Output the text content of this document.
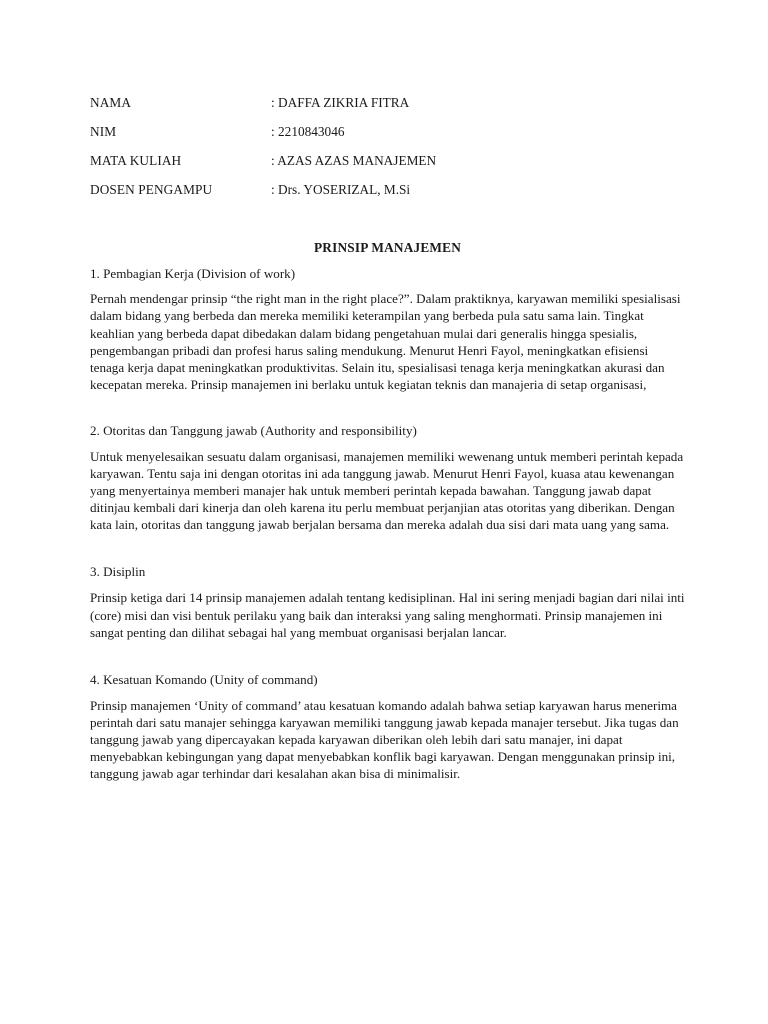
NAMA	: DAFFA ZIKRIA FITRA
NIM	: 2210843046
MATA KULIAH	: AZAS AZAS MANAJEMEN
DOSEN PENGAMPU	: Drs. YOSERIZAL, M.Si
PRINSIP MANAJEMEN

1. Pembagian Kerja (Division of work)

Pernah mendengar prinsip “the right man in the right place?”. Dalam praktiknya, karyawan memiliki spesialisasi dalam bidang yang berbeda dan mereka memiliki keterampilan yang berbeda pula satu sama lain. Tingkat keahlian yang berbeda dapat dibedakan dalam bidang pengetahuan mulai dari generalis hingga spesialis, pengembangan pribadi dan profesi harus saling mendukung. Menurut Henri Fayol, meningkatkan efisiensi tenaga kerja dapat meningkatkan produktivitas. Selain itu, spesialisasi tenaga kerja meningkatkan akurasi dan kecepatan mereka. Prinsip manajemen ini berlaku untuk kegiatan teknis dan manajeria di setap organisasi,

2. Otoritas dan Tanggung jawab (Authority and responsibility)

Untuk menyelesaikan sesuatu dalam organisasi, manajemen memiliki wewenang untuk memberi perintah kepada karyawan. Tentu saja ini dengan otoritas ini ada tanggung jawab. Menurut Henri Fayol, kuasa atau kewenangan yang menyertainya memberi manajer hak untuk memberi perintah kepada bawahan. Tanggung jawab dapat ditinjau kembali dari kinerja dan oleh karena itu perlu membuat perjanjian atas otoritas yang diberikan. Dengan kata lain, otoritas dan tanggung jawab berjalan bersama dan mereka adalah dua sisi dari mata uang yang sama.

3. Disiplin

Prinsip ketiga dari 14 prinsip manajemen adalah tentang kedisiplinan. Hal ini sering menjadi bagian dari nilai inti (core) misi dan visi bentuk perilaku yang baik dan interaksi yang saling menghormati. Prinsip manajemen ini sangat penting dan dilihat sebagai hal yang membuat organisasi berjalan lancar.

4. Kesatuan Komando (Unity of command)

Prinsip manajemen ‘Unity of command’ atau kesatuan komando adalah bahwa setiap karyawan harus menerima perintah dari satu manajer sehingga karyawan memiliki tanggung jawab kepada manajer tersebut. Jika tugas dan tanggung jawab yang dipercayakan kepada karyawan diberikan oleh lebih dari satu manajer, ini dapat menyebabkan kebingungan yang dapat menyebabkan konflik bagi karyawan. Dengan menggunakan prinsip ini, tanggung jawab agar terhindar dari kesalahan akan bisa di minimalisir.
